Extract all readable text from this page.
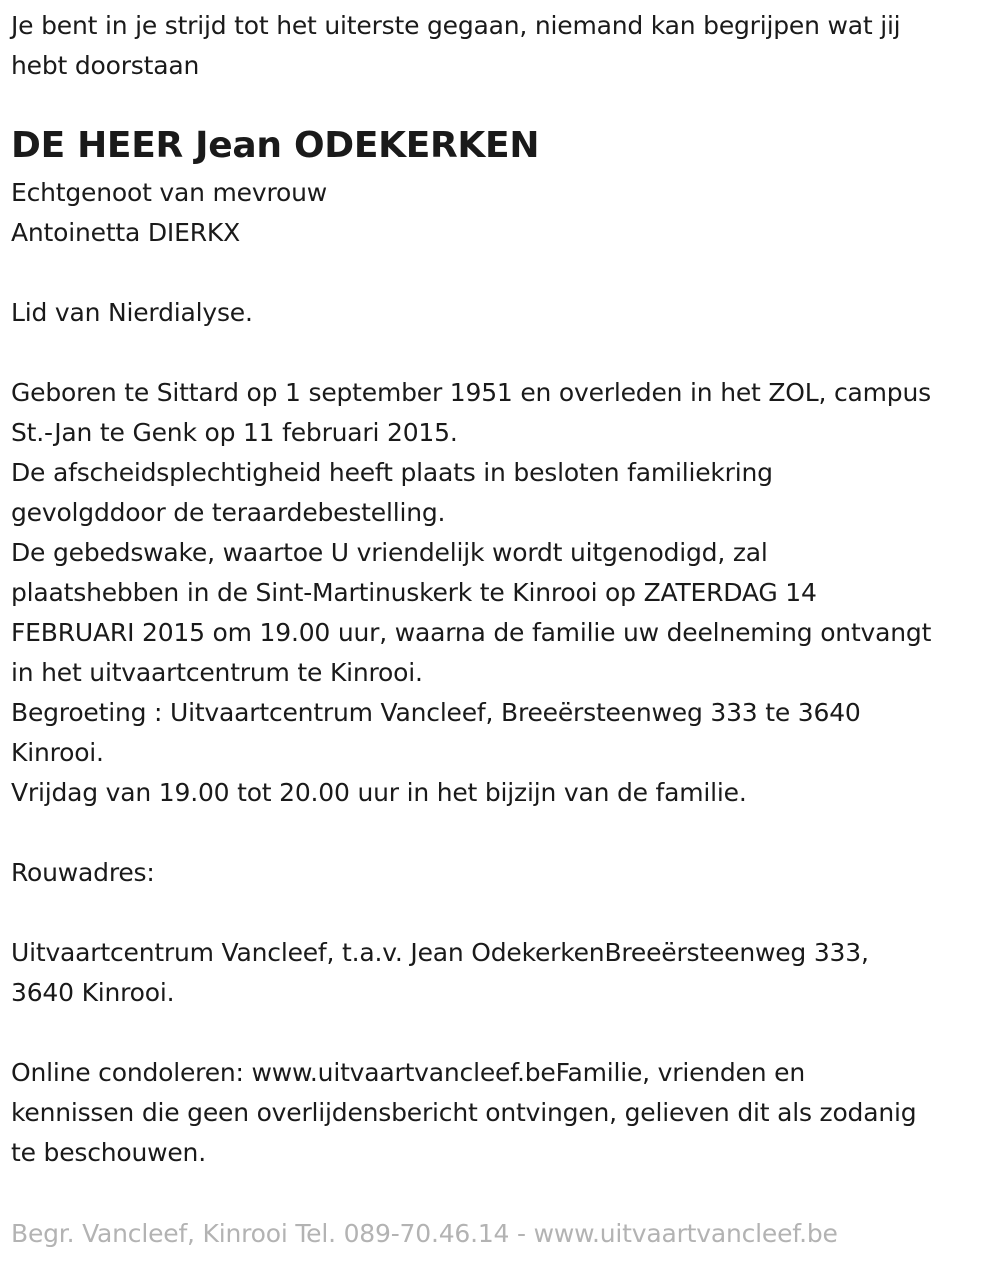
Je bent in je strijd tot het uiterste gegaan, niemand kan begrijpen wat jij
hebt doorstaan
DE HEER Jean ODEKERKEN
Echtgenoot van mevrouw
Antoinetta DIERKX
Lid van Nierdialyse.
Geboren te Sittard op 1 september 1951 en overleden in het ZOL, campus
St.-Jan te Genk op 11 februari 2015.
De afscheidsplechtigheid heeft plaats in besloten familiekring
gevolgddoor de teraardebestelling.
De gebedswake, waartoe U vriendelijk wordt uitgenodigd, zal
plaatshebben in de Sint-Martinuskerk te Kinrooi op ZATERDAG 14
FEBRUARI 2015 om 19.00 uur, waarna de familie uw deelneming ontvangt
in het uitvaartcentrum te Kinrooi.
Begroeting : Uitvaartcentrum Vancleef, Breeërsteenweg 333 te 3640
Kinrooi.
Vrijdag van 19.00 tot 20.00 uur in het bijzijn van de familie.
Rouwadres:
Uitvaartcentrum Vancleef, t.a.v. Jean OdekerkenBreeërsteenweg 333,
3640 Kinrooi.
Online condoleren: www.uitvaartvancleef.beFamilie, vrienden en
kennissen die geen overlijdensbericht ontvingen, gelieven dit als zodanig
te beschouwen.
Begr. Vancleef, Kinrooi Tel. 089-70.46.14 - www.uitvaartvancleef.be
